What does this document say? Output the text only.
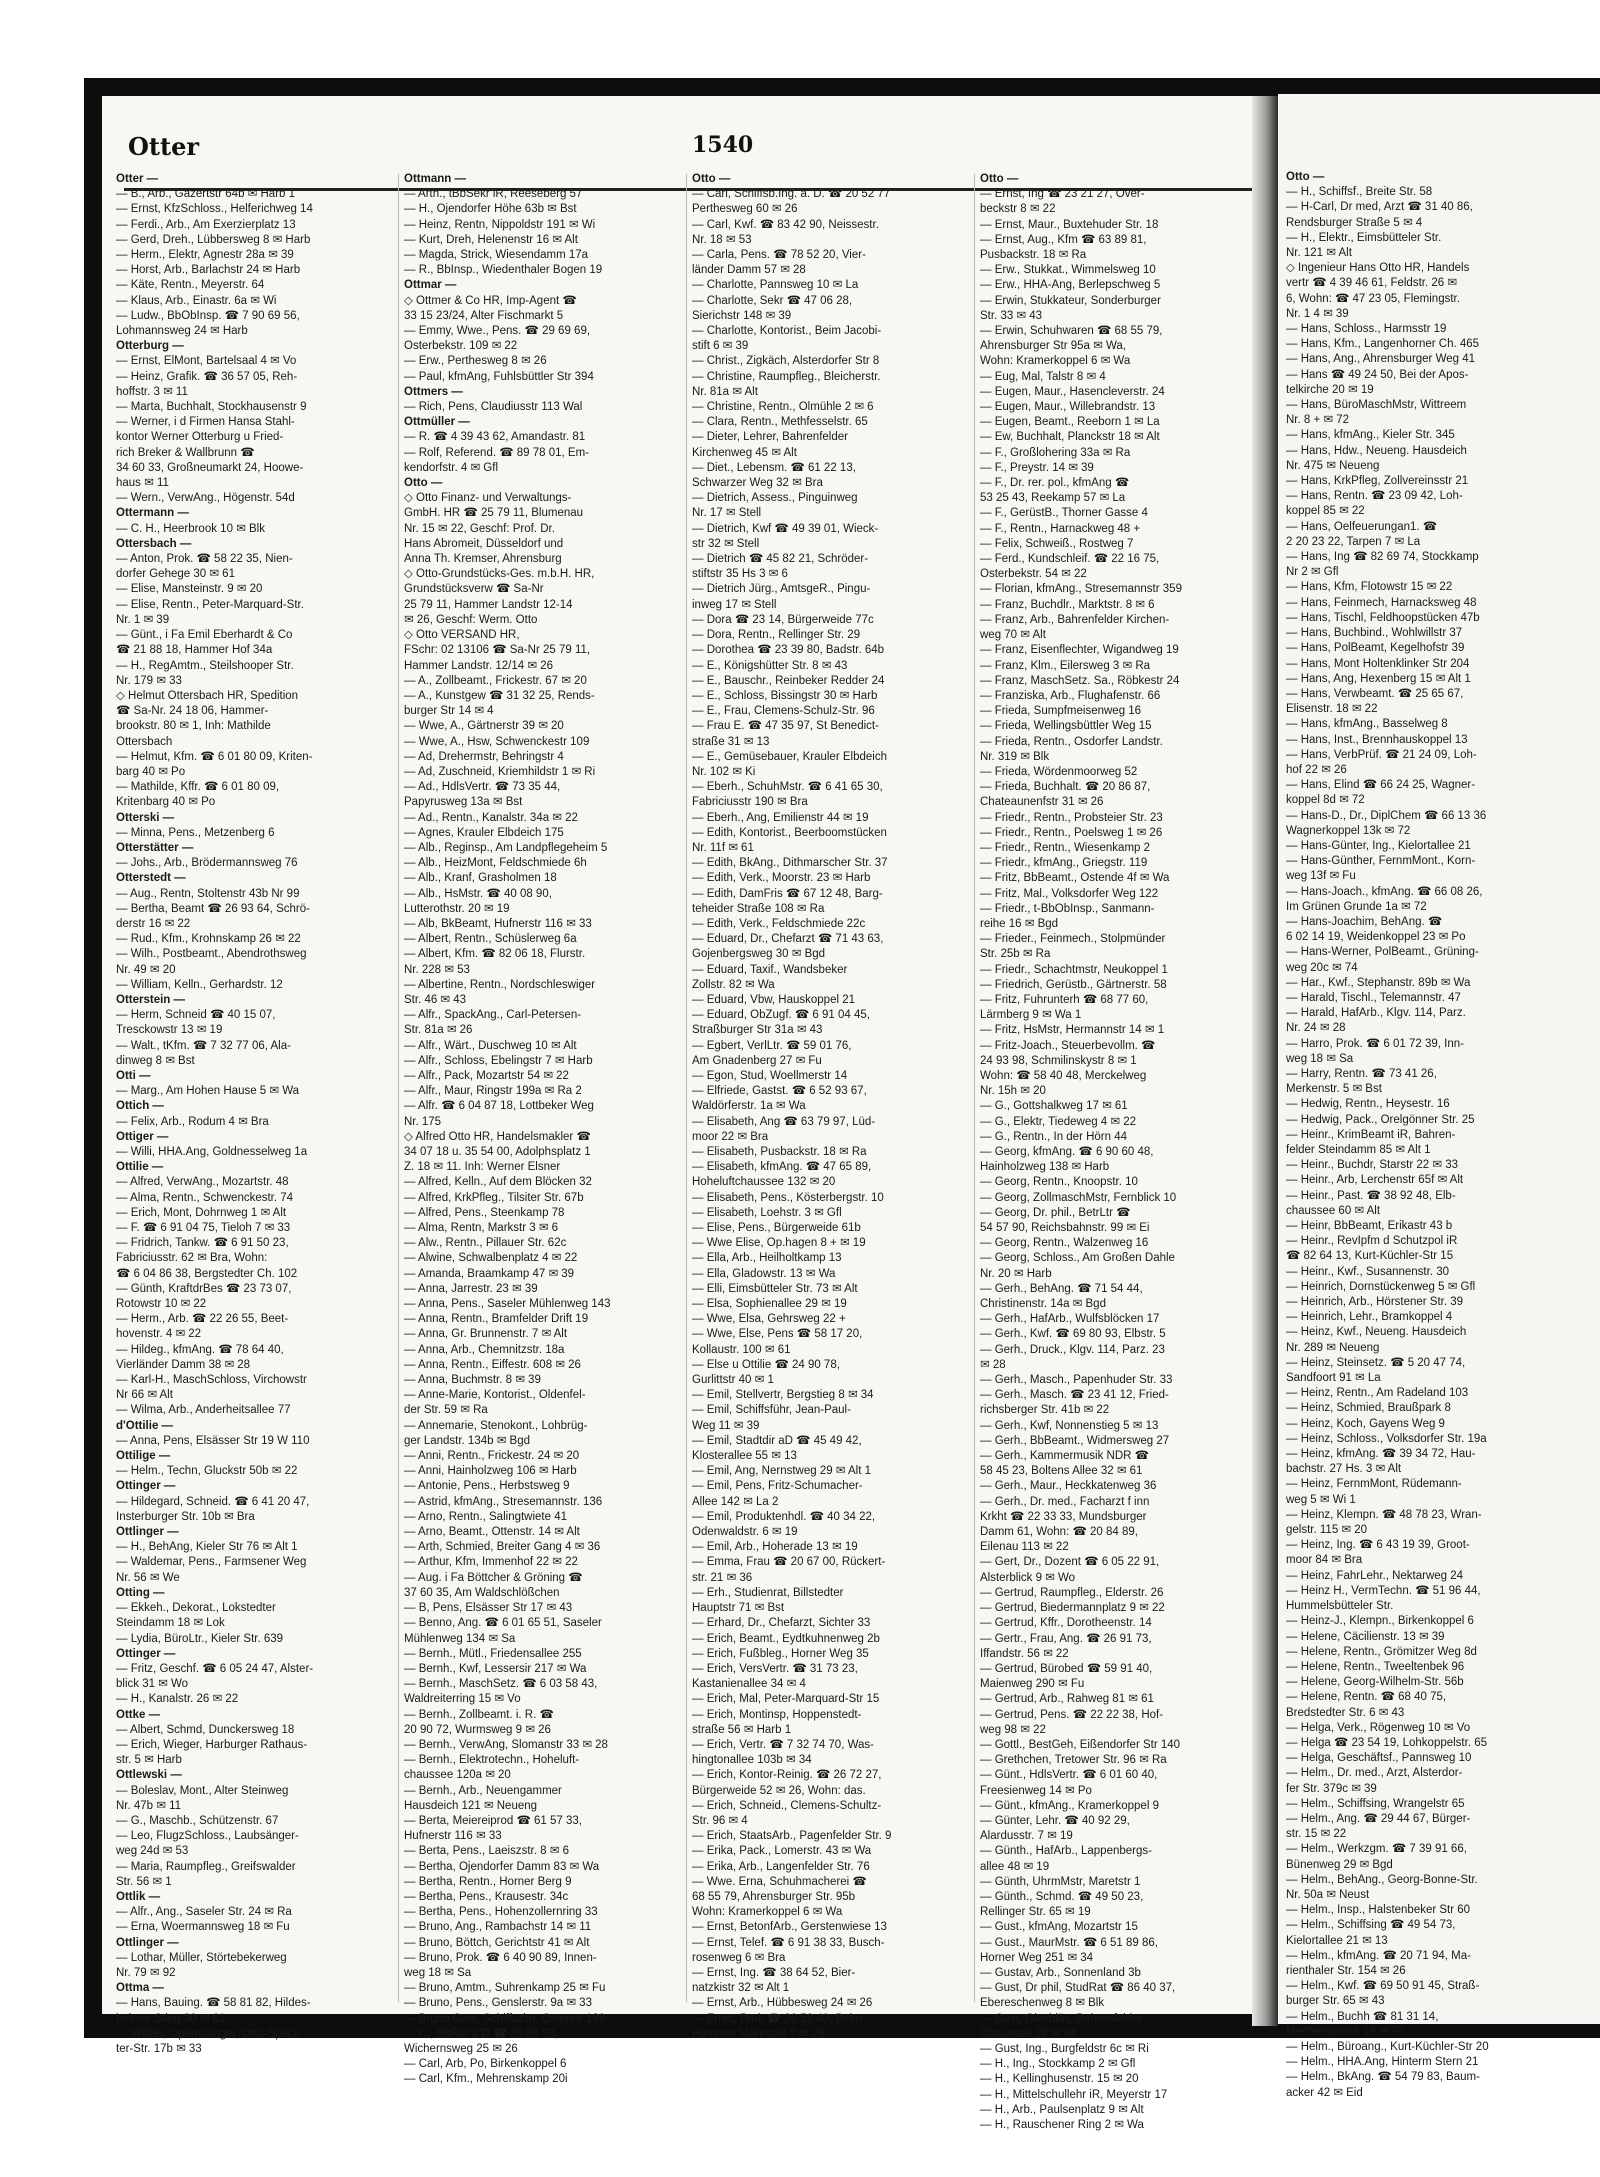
Otter	1540
Otter —
— B., Arb., Gazertstr 64b ✉ Harb 1
— Ernst, KfzSchloss., Helferichweg 14
— Ferdi., Arb., Am Exerzierplatz 13
— Gerd, Dreh., Lübbersweg 8 ✉ Harb
— Herm., Elektr, Agnestr 28a ✉ 39
— Horst, Arb., Barlachstr 24 ✉ Harb
— Käte, Rentn., Meyerstr. 64
— Klaus, Arb., Einastr. 6a ✉ Wi
— Ludw., BbObInsp. ☎ 7 90 69 56,
Lohmannsweg 24 ✉ Harb
Otterburg —
— Ernst, ElMont, Bartelsaal 4 ✉ Vo
— Heinz, Grafik. ☎ 36 57 05, Reh-
hoffstr. 3 ✉ 11
— Marta, Buchhalt, Stockhausenstr 9
— Werner, i d Firmen Hansa Stahl-
kontor Werner Otterburg u Fried-
rich Breker & Wallbrunn ☎
34 60 33, Großneumarkt 24, Hoowe-
haus ✉ 11
— Wern., VerwAng., Högenstr. 54d
Ottermann —
— C. H., Heerbrook 10 ✉ Blk
Ottersbach —
— Anton, Prok. ☎ 58 22 35, Nien-
dorfer Gehege 30 ✉ 61
— Elise, Mansteinstr. 9 ✉ 20
— Elise, Rentn., Peter-Marquard-Str.
Nr. 1 ✉ 39
— Günt., i Fa Emil Eberhardt & Co
☎ 21 88 18, Hammer Hof 34a
— H., RegAmtm., Steilshooper Str.
Nr. 179 ✉ 33
◇ Helmut Ottersbach HR, Spedition
☎ Sa-Nr. 24 18 06, Hammer-
brookstr. 80 ✉ 1, Inh: Mathilde
Ottersbach
— Helmut, Kfm. ☎ 6 01 80 09, Kriten-
barg 40 ✉ Po
— Mathilde, Kffr. ☎ 6 01 80 09,
Kritenbarg 40 ✉ Po
Otterski —
— Minna, Pens., Metzenberg 6
Otterstätter —
— Johs., Arb., Brödermannsweg 76
Otterstedt —
— Aug., Rentn, Stoltenstr 43b Nr 99
— Bertha, Beamt ☎ 26 93 64, Schrö-
derstr 16 ✉ 22
— Rud., Kfm., Krohnskamp 26 ✉ 22
— Wilh., Postbeamt., Abendrothsweg
Nr. 49 ✉ 20
— William, Kelln., Gerhardstr. 12
Otterstein —
— Herm, Schneid ☎ 40 15 07,
Tresckowstr 13 ✉ 19
— Walt., tKfm. ☎ 7 32 77 06, Ala-
dinweg 8 ✉ Bst
Otti —
— Marg., Am Hohen Hause 5 ✉ Wa
Ottich —
— Felix, Arb., Rodum 4 ✉ Bra
Ottiger —
— Willi, HHA.Ang, Goldnesselweg 1a
Ottilie —
— Alfred, VerwAng., Mozartstr. 48
— Alma, Rentn., Schwenckestr. 74
— Erich, Mont, Dohrnweg 1 ✉ Alt
— F. ☎ 6 91 04 75, Tieloh 7 ✉ 33
— Fridrich, Tankw. ☎ 6 91 50 23,
Fabriciusstr. 62 ✉ Bra, Wohn:
☎ 6 04 86 38, Bergstedter Ch. 102
— Günth, KraftdrBes ☎ 23 73 07,
Rotowstr 10 ✉ 22
— Herm., Arb. ☎ 22 26 55, Beet-
hovenstr. 4 ✉ 22
— Hildeg., kfmAng. ☎ 78 64 40,
Vierländer Damm 38 ✉ 28
— Karl-H., MaschSchloss, Virchowstr
Nr 66 ✉ Alt
— Wilma, Arb., Anderheitsallee 77
d'Ottilie —
— Anna, Pens, Elsässer Str 19 W 110
Ottilige —
— Helm., Techn, Gluckstr 50b ✉ 22
Ottinger —
— Hildegard, Schneid. ☎ 6 41 20 47,
Insterburger Str. 10b ✉ Bra
Ottlinger —
— H., BehAng, Kieler Str 76 ✉ Alt 1
— Waldemar, Pens., Farmsener Weg
Nr. 56 ✉ We
Otting —
— Ekkeh., Dekorat., Lokstedter
Steindamm 18 ✉ Lok
— Lydia, BüroLtr., Kieler Str. 639
Ottinger —
— Fritz, Geschf. ☎ 6 05 24 47, Alster-
blick 31 ✉ Wo
— H., Kanalstr. 26 ✉ 22
Ottke —
— Albert, Schmd, Dunckersweg 18
— Erich, Wieger, Harburger Rathaus-
str. 5 ✉ Harb
Ottlewski —
— Boleslav, Mont., Alter Steinweg
Nr. 47b ✉ 11
— G., Maschb., Schützenstr. 67
— Leo, FlugzSchloss., Laubsänger-
weg 24d ✉ 53
— Maria, Raumpfleg., Greifswalder
Str. 56 ✉ 1
Ottlik —
— Alfr., Ang., Saseler Str. 24 ✉ Ra
— Erna, Woermannsweg 18 ✉ Fu
Ottlinger —
— Lothar, Müller, Störtebekerweg
Nr. 79 ✉ 92
Ottma —
— Hans, Bauing. ☎ 58 81 82, Hildes-
heimer Stieg 30 ✉ 61
— Walter, Opernsänger, Otto-Speck-
ter-Str. 17b ✉ 33
Ottmann —
— Arth., tBbSekr iR, Reeseberg 57
— H., Ojendorfer Höhe 63b ✉ Bst
— Heinz, Rentn, Nippoldstr 191 ✉ Wi
— Kurt, Dreh, Helenenstr 16 ✉ Alt
— Magda, Strick, Wiesendamm 17a
— R., BbInsp., Wiedenthaler Bogen 19
Ottmar —
◇ Ottmer & Co HR, Imp-Agent ☎
33 15 23/24, Alter Fischmarkt 5
— Emmy, Wwe., Pens. ☎ 29 69 69,
Osterbekstr. 109 ✉ 22
— Erw., Perthesweg 8 ✉ 26
— Paul, kfmAng, Fuhlsbüttler Str 394
Ottmers —
— Rich, Pens, Claudiusstr 113 Wal
Ottmüller —
— R. ☎ 4 39 43 62, Amandastr. 81
— Rolf, Referend. ☎ 89 78 01, Em-
kendorfstr. 4 ✉ Gfl
Otto —
◇ Otto Finanz- und Verwaltungs-
GmbH. HR ☎ 25 79 11, Blumenau
Nr. 15 ✉ 22, Geschf: Prof. Dr.
Hans Abromeit, Düsseldorf und
Anna Th. Kremser, Ahrensburg
◇ Otto-Grundstücks-Ges. m.b.H. HR,
Grundstücksverw ☎ Sa-Nr
25 79 11, Hammer Landstr 12-14
✉ 26, Geschf: Werm. Otto
◇ Otto VERSAND HR,
FSchr: 02 13106 ☎ Sa-Nr 25 79 11,
Hammer Landstr. 12/14 ✉ 26
— A., Zollbeamt., Frickestr. 67 ✉ 20
— A., Kunstgew ☎ 31 32 25, Rends-
burger Str 14 ✉ 4
— Wwe, A., Gärtnerstr 39 ✉ 20
— Wwe, A., Hsw, Schwenckestr 109
— Ad, Drehermstr, Behringstr 4
— Ad, Zuschneid, Kriemhildstr 1 ✉ Ri
— Ad., HdlsVertr. ☎ 73 35 44,
Papyrusweg 13a ✉ Bst
— Ad., Rentn., Kanalstr. 34a ✉ 22
— Agnes, Krauler Elbdeich 175
— Alb., Reginsp., Am Landpflegeheim 5
— Alb., HeizMont, Feldschmiede 6h
— Alb., Kranf, Grasholmen 18
— Alb., HsMstr. ☎ 40 08 90,
Lutterothstr. 20 ✉ 19
— Alb, BkBeamt, Hufnerstr 116 ✉ 33
— Albert, Rentn., Schüslerweg 6a
— Albert, Kfm. ☎ 82 06 18, Flurstr.
Nr. 228 ✉ 53
— Albertine, Rentn., Nordschleswiger
Str. 46 ✉ 43
— Alfr., SpackAng., Carl-Petersen-
Str. 81a ✉ 26
— Alfr., Wärt., Duschweg 10 ✉ Alt
— Alfr., Schloss, Ebelingstr 7 ✉ Harb
— Alfr., Pack, Mozartstr 54 ✉ 22
— Alfr., Maur, Ringstr 199a ✉ Ra 2
— Alfr. ☎ 6 04 87 18, Lottbeker Weg
Nr. 175
◇ Alfred Otto HR, Handelsmakler ☎
34 07 18 u. 35 54 00, Adolphsplatz 1
Z. 18 ✉ 11. Inh: Werner Elsner
— Alfred, Kelln., Auf dem Blöcken 32
— Alfred, KrkPfleg., Tilsiter Str. 67b
— Alfred, Pens., Steenkamp 78
— Alma, Rentn, Markstr 3 ✉ 6
— Alw., Rentn., Pillauer Str. 62c
— Alwine, Schwalbenplatz 4 ✉ 22
— Amanda, Braamkamp 47 ✉ 39
— Anna, Jarrestr. 23 ✉ 39
— Anna, Pens., Saseler Mühlenweg 143
— Anna, Rentn., Bramfelder Drift 19
— Anna, Gr. Brunnenstr. 7 ✉ Alt
— Anna, Arb., Chemnitzstr. 18a
— Anna, Rentn., Eiffestr. 608 ✉ 26
— Anna, Buchmstr. 8 ✉ 39
— Anne-Marie, Kontorist., Oldenfel-
der Str. 59 ✉ Ra
— Annemarie, Stenokont., Lohbrüg-
ger Landstr. 134b ✉ Bgd
— Anni, Rentn., Frickestr. 24 ✉ 20
— Anni, Hainholzweg 106 ✉ Harb
— Antonie, Pens., Herbstsweg 9
— Astrid, kfmAng., Stresemannstr. 136
— Arno, Rentn., Salingtwiete 41
— Arno, Beamt., Ottenstr. 14 ✉ Alt
— Arth, Schmied, Breiter Gang 4 ✉ 36
— Arthur, Kfm, Immenhof 22 ✉ 22
— Aug. i Fa Böttcher & Gröning ☎
37 60 35, Am Waldschlößchen
— B, Pens, Elsässer Str 17 ✉ 43
— Benno, Ang. ☎ 6 01 65 51, Saseler
Mühlenweg 134 ✉ Sa
— Bernh., Mütl., Friedensallee 255
— Bernh., Kwf, Lessersir 217 ✉ Wa
— Bernh., MaschSetz. ☎ 6 03 58 43,
Waldreiterring 15 ✉ Vo
— Bernh., Zollbeamt. i. R. ☎
20 90 72, Wurmsweg 9 ✉ 26
— Bernh., VerwAng, Slomanstr 33 ✉ 28
— Bernh., Elektrotechn., Hoheluft-
chaussee 120a ✉ 20
— Bernh., Arb., Neuengammer
Hausdeich 121 ✉ Neueng
— Berta, Meiereiprod ☎ 61 57 33,
Hufnerstr 116 ✉ 33
— Berta, Pens., Laeiszstr. 8 ✉ 6
— Bertha, Ojendorfer Damm 83 ✉ Wa
— Bertha, Rentn., Horner Berg 9
— Bertha, Pens., Krausestr. 34c
— Bertha, Pens., Hohenzollernring 33
— Bruno, Ang., Rambachstr 14 ✉ 11
— Bruno, Böttch, Gerichtstr 41 ✉ Alt
— Bruno, Prok. ☎ 6 40 90 89, Innen-
weg 18 ✉ Sa
— Bruno, Amtm., Suhrenkamp 25 ✉ Fu
— Bruno, Pens., Genslerstr. 9a ✉ 33
— Bruno Gust, Schiffszim, Osterstr 189
— C., BbRat a D ☎ 26 88 93,
Wichernsweg 25 ✉ 26
— Carl, Arb, Po, Birkenkoppel 6
— Carl, Kfm., Mehrenskamp 20i
Otto —
— Carl, Schiffsb.Ing. a. D. ☎ 20 52 77
Perthesweg 60 ✉ 26
— Carl, Kwf. ☎ 83 42 90, Neissestr.
Nr. 18 ✉ 53
— Carla, Pens. ☎ 78 52 20, Vier-
länder Damm 57 ✉ 28
— Charlotte, Pannsweg 10 ✉ La
— Charlotte, Sekr ☎ 47 06 28,
Sierichstr 148 ✉ 39
— Charlotte, Kontorist., Beim Jacobi-
stift 6 ✉ 39
— Christ., Zigkäch, Alsterdorfer Str 8
— Christine, Raumpfleg., Bleicherstr.
Nr. 81a ✉ Alt
— Christine, Rentn., Olmühle 2 ✉ 6
— Clara, Rentn., Methfesselstr. 65
— Dieter, Lehrer, Bahrenfelder
Kirchenweg 45 ✉ Alt
— Diet., Lebensm. ☎ 61 22 13,
Schwarzer Weg 32 ✉ Bra
— Dietrich, Assess., Pinguinweg
Nr. 17 ✉ Stell
— Dietrich, Kwf ☎ 49 39 01, Wieck-
str 32 ✉ Stell
— Dietrich ☎ 45 82 21, Schröder-
stiftstr 35 Hs 3 ✉ 6
— Dietrich Jürg., AmtsgeR., Pingu-
inweg 17 ✉ Stell
— Dora ☎ 23 14, Bürgerweide 77c
— Dora, Rentn., Rellinger Str. 29
— Dorothea ☎ 23 39 80, Badstr. 64b
— E., Königshütter Str. 8 ✉ 43
— E., Bauschr., Reinbeker Redder 24
— E., Schloss, Bissingstr 30 ✉ Harb
— E., Frau, Clemens-Schulz-Str. 96
— Frau E. ☎ 47 35 97, St Benedict-
straße 31 ✉ 13
— E., Gemüsebauer, Krauler Elbdeich
Nr. 102 ✉ Ki
— Eberh., SchuhMstr. ☎ 6 41 65 30,
Fabriciusstr 190 ✉ Bra
— Eberh., Ang, Emilienstr 44 ✉ 19
— Edith, Kontorist., Beerboomstücken
Nr. 11f ✉ 61
— Edith, BkAng., Dithmarscher Str. 37
— Edith, Verk., Moorstr. 23 ✉ Harb
— Edith, DamFris ☎ 67 12 48, Barg-
teheider Straße 108 ✉ Ra
— Edith, Verk., Feldschmiede 22c
— Eduard, Dr., Chefarzt ☎ 71 43 63,
Gojenbergsweg 30 ✉ Bgd
— Eduard, Taxif., Wandsbeker
Zollstr. 82 ✉ Wa
— Eduard, Vbw, Hauskoppel 21
— Eduard, ObZugf. ☎ 6 91 04 45,
Straßburger Str 31a ✉ 43
— Egbert, VerlLtr. ☎ 59 01 76,
Am Gnadenberg 27 ✉ Fu
— Egon, Stud, Woellmerstr 14
— Elfriede, Gastst. ☎ 6 52 93 67,
Waldörferstr. 1a ✉ Wa
— Elisabeth, Ang ☎ 63 79 97, Lüd-
moor 22 ✉ Bra
— Elisabeth, Pusbackstr. 18 ✉ Ra
— Elisabeth, kfmAng. ☎ 47 65 89,
Hoheluftchaussee 132 ✉ 20
— Elisabeth, Pens., Kösterbergstr. 10
— Elisabeth, Loehstr. 3 ✉ Gfl
— Elise, Pens., Bürgerweide 61b
— Wwe Elise, Op.hagen 8 + ✉ 19
— Ella, Arb., Heilholtkamp 13
— Ella, Gladowstr. 13 ✉ Wa
— Elli, Eimsbütteler Str. 73 ✉ Alt
— Elsa, Sophienallee 29 ✉ 19
— Wwe, Elsa, Gehrsweg 22 +
— Wwe, Else, Pens ☎ 58 17 20,
Kollaustr. 100 ✉ 61
— Else u Ottilie ☎ 24 90 78,
Gurlittstr 40 ✉ 1
— Emil, Stellvertr, Bergstieg 8 ✉ 34
— Emil, Schiffsführ, Jean-Paul-
Weg 11 ✉ 39
— Emil, Stadtdir aD ☎ 45 49 42,
Klosterallee 55 ✉ 13
— Emil, Ang, Nernstweg 29 ✉ Alt 1
— Emil, Pens, Fritz-Schumacher-
Allee 142 ✉ La 2
— Emil, Produktenhdl. ☎ 40 34 22,
Odenwaldstr. 6 ✉ 19
— Emil, Arb., Hoherade 13 ✉ 19
— Emma, Frau ☎ 20 67 00, Rückert-
str. 21 ✉ 36
— Erh., Studienrat, Billstedter
Hauptstr 71 ✉ Bst
— Erhard, Dr., Chefarzt, Sichter 33
— Erich, Beamt., Eydtkuhnenweg 2b
— Erich, Fußbleg., Horner Weg 35
— Erich, VersVertr. ☎ 31 73 23,
Kastanienallee 34 ✉ 4
— Erich, Mal, Peter-Marquard-Str 15
— Erich, Montinsp, Hoppenstedt-
straße 56 ✉ Harb 1
— Erich, Vertr. ☎ 7 32 74 70, Was-
hingtonallee 103b ✉ 34
— Erich, Kontor-Reinig. ☎ 26 72 27,
Bürgerweide 52 ✉ 26, Wohn: das.
— Erich, Schneid., Clemens-Schultz-
Str. 96 ✉ 4
— Erich, StaatsArb., Pagenfelder Str. 9
— Erika, Pack., Lomerstr. 43 ✉ Wa
— Erika, Arb., Langenfelder Str. 76
— Wwe. Erna, Schuhmacherei ☎
68 55 79, Ahrensburger Str. 95b
Wohn: Kramerkoppel 6 ✉ Wa
— Ernst, BetonfArb., Gerstenwiese 13
— Ernst, Telef. ☎ 6 91 38 33, Busch-
rosenweg 6 ✉ Bra
— Ernst, Ing. ☎ 38 64 52, Bier-
natzkistr 32 ✉ Alt 1
— Ernst, Arb., Hübbesweg 24 ✉ 26
— Ernst, Prok ☎ 26 52 40, Beim
Hammer Mahrstall 7 ✉ 26
Otto —
— Ernst, Ing ☎ 23 21 27, Over-
beckstr 8 ✉ 22
— Ernst, Maur., Buxtehuder Str. 18
— Ernst, Aug., Kfm ☎ 63 89 81,
Pusbackstr. 18 ✉ Ra
— Erw., Stukkat., Wimmelsweg 10
— Erw., HHA-Ang, Berlepschweg 5
— Erwin, Stukkateur, Sonderburger
Str. 33 ✉ 43
— Erwin, Schuhwaren ☎ 68 55 79,
Ahrensburger Str 95a ✉ Wa,
Wohn: Kramerkoppel 6 ✉ Wa
— Eug, Mal, Talstr 8 ✉ 4
— Eugen, Maur., Hasencleverstr. 24
— Eugen, Maur., Willebrandstr. 13
— Eugen, Beamt., Reeborn 1 ✉ La
— Ew, Buchhalt, Planckstr 18 ✉ Alt
— F., Großlohering 33a ✉ Ra
— F., Preystr. 14 ✉ 39
— F., Dr. rer. pol., kfmAng ☎
53 25 43, Reekamp 57 ✉ La
— F., GerüstB., Thorner Gasse 4
— F., Rentn., Harnackweg 48 +
— Felix, Schweiß., Rostweg 7
— Ferd., Kundschleif. ☎ 22 16 75,
Osterbekstr. 54 ✉ 22
— Florian, kfmAng., Stresemannstr 359
— Franz, Buchdlr., Marktstr. 8 ✉ 6
— Franz, Arb., Bahrenfelder Kirchen-
weg 70 ✉ Alt
— Franz, Eisenflechter, Wigandweg 19
— Franz, Klm., Eilersweg 3 ✉ Ra
— Franz, MaschSetz. Sa., Röbkestr 24
— Franziska, Arb., Flughafenstr. 66
— Frieda, Sumpfmeisenweg 16
— Frieda, Wellingsbüttler Weg 15
— Frieda, Rentn., Osdorfer Landstr.
Nr. 319 ✉ Blk
— Frieda, Wördenmoorweg 52
— Frieda, Buchhalt. ☎ 20 86 87,
Chateaunenfstr 31 ✉ 26
— Friedr., Rentn., Probsteier Str. 23
— Friedr., Rentn., Poelsweg 1 ✉ 26
— Friedr., Rentn., Wiesenkamp 2
— Friedr., kfmAng., Griegstr. 119
— Fritz, BbBeamt., Ostende 4f ✉ Wa
— Fritz, Mal., Volksdorfer Weg 122
— Friedr., t-BbObInsp., Sanmann-
reihe 16 ✉ Bgd
— Frieder., Feinmech., Stolpmünder
Str. 25b ✉ Ra
— Friedr., Schachtmstr, Neukoppel 1
— Friedrich, Gerüstb., Gärtnerstr. 58
— Fritz, Fuhrunterh ☎ 68 77 60,
Lärmberg 9 ✉ Wa 1
— Fritz, HsMstr, Hermannstr 14 ✉ 1
— Fritz-Joach., Steuerbevollm. ☎
24 93 98, Schmilinskystr 8 ✉ 1
Wohn: ☎ 58 40 48, Merckelweg
Nr. 15h ✉ 20
— G., Gottshalkweg 17 ✉ 61
— G., Elektr, Tiedeweg 4 ✉ 22
— G., Rentn., In der Hörn 44
— Georg, kfmAng. ☎ 6 90 60 48,
Hainholzweg 138 ✉ Harb
— Georg, Rentn., Knoopstr. 10
— Georg, ZollmaschMstr, Fernblick 10
— Georg, Dr. phil., BetrLtr ☎
54 57 90, Reichsbahnstr. 99 ✉ Ei
— Georg, Rentn., Walzenweg 16
— Georg, Schloss., Am Großen Dahle
Nr. 20 ✉ Harb
— Gerh., BehAng. ☎ 71 54 44,
Christinenstr. 14a ✉ Bgd
— Gerh., HafArb., Wulfsblöcken 17
— Gerh., Kwf. ☎ 69 80 93, Elbstr. 5
— Gerh., Druck., Klgv. 114, Parz. 23
✉ 28
— Gerh., Masch., Papenhuder Str. 33
— Gerh., Masch. ☎ 23 41 12, Fried-
richsberger Str. 41b ✉ 22
— Gerh., Kwf, Nonnenstieg 5 ✉ 13
— Gerh., BbBeamt., Widmersweg 27
— Gerh., Kammermusik NDR ☎
58 45 23, Boltens Allee 32 ✉ 61
— Gerh., Maur., Heckkatenweg 36
— Gerh., Dr. med., Facharzt f inn
Krkht ☎ 22 33 33, Mundsburger
Damm 61, Wohn: ☎ 20 84 89,
Eilenau 113 ✉ 22
— Gert, Dr., Dozent ☎ 6 05 22 91,
Alsterblick 9 ✉ Wo
— Gertrud, Raumpfleg., Elderstr. 26
— Gertrud, Biedermannplatz 9 ✉ 22
— Gertrud, Kffr., Dorotheenstr. 14
— Gertr., Frau, Ang. ☎ 26 91 73,
Iffandstr. 56 ✉ 22
— Gertrud, Bürobed ☎ 59 91 40,
Maienweg 290 ✉ Fu
— Gertrud, Arb., Rahweg 81 ✉ 61
— Gertrud, Pens. ☎ 22 22 38, Hof-
weg 98 ✉ 22
— Gottl., BestGeh, Eißendorfer Str 140
— Grethchen, Tretower Str. 96 ✉ Ra
— Günt., HdlsVertr. ☎ 6 01 60 40,
Freesienweg 14 ✉ Po
— Günt., kfmAng., Kramerkoppel 9
— Günter, Lehr. ☎ 40 92 29,
Alardusstr. 7 ✉ 19
— Günth., HafArb., Lappenbergs-
allee 48 ✉ 19
— Günth, UhrmMstr, Maretstr 1
— Günth., Schmd. ☎ 49 50 23,
Rellinger Str. 65 ✉ 19
— Gust., kfmAng, Mozartstr 15
— Gust., MaurMstr. ☎ 6 51 89 86,
Horner Weg 251 ✉ 34
— Gustav, Arb., Sonnenland 3b
— Gust, Dr phil, StudRat ☎ 86 40 37,
Ebereschenweg 8 ✉ Blk
— Gust, Glasbläs, Bahrenfelder
Chaussee 28 ✉ Alt
— Gust, Ing., Burgfeldstr 6c ✉ Ri
— H., Ing., Stockkamp 2 ✉ Gfl
— H., Kellinghusenstr. 15 ✉ 20
— H., Mittelschullehr iR, Meyerstr 17
— H., Arb., Paulsenplatz 9 ✉ Alt
— H., Rauschener Ring 2 ✉ Wa
Otto —
— H., Schiffsf., Breite Str. 58
— H-Carl, Dr med, Arzt ☎ 31 40 86,
Rendsburger Straße 5 ✉ 4
— H., Elektr., Eimsbütteler Str.
Nr. 121 ✉ Alt
◇ Ingenieur Hans Otto HR, Handels
vertr ☎ 4 39 46 61, Feldstr. 26 ✉
6, Wohn: ☎ 47 23 05, Flemingstr.
Nr. 1 4 ✉ 39
— Hans, Schloss., Harmsstr 19
— Hans, Kfm., Langenhorner Ch. 465
— Hans, Ang., Ahrensburger Weg 41
— Hans ☎ 49 24 50, Bei der Apos-
telkirche 20 ✉ 19
— Hans, BüroMaschMstr, Wittreem
Nr. 8 + ✉ 72
— Hans, kfmAng., Kieler Str. 345
— Hans, Hdw., Neueng. Hausdeich
Nr. 475 ✉ Neueng
— Hans, KrkPfleg, Zollvereinsstr 21
— Hans, Rentn. ☎ 23 09 42, Loh-
koppel 85 ✉ 22
— Hans, Oelfeuerungan1. ☎
2 20 23 22, Tarpen 7 ✉ La
— Hans, Ing ☎ 82 69 74, Stockkamp
Nr 2 ✉ Gfl
— Hans, Kfm, Flotowstr 15 ✉ 22
— Hans, Feinmech, Harnacksweg 48
— Hans, Tischl, Feldhoopstücken 47b
— Hans, Buchbind., Wohlwillstr 37
— Hans, PolBeamt, Kegelhofstr 39
— Hans, Mont Holtenklinker Str 204
— Hans, Ang, Hexenberg 15 ✉ Alt 1
— Hans, Verwbeamt. ☎ 25 65 67,
Elisenstr. 18 ✉ 22
— Hans, kfmAng., Basselweg 8
— Hans, Inst., Brennhauskoppel 13
— Hans, VerbPrüf. ☎ 21 24 09, Loh-
hof 22 ✉ 26
— Hans, Elind ☎ 66 24 25, Wagner-
koppel 8d ✉ 72
— Hans-D., Dr., DiplChem ☎ 66 13 36
Wagnerkoppel 13k ✉ 72
— Hans-Günter, Ing., Kielortallee 21
— Hans-Günther, FernmMont., Korn-
weg 13f ✉ Fu
— Hans-Joach., kfmAng. ☎ 66 08 26,
Im Grünen Grunde 1a ✉ 72
— Hans-Joachim, BehAng. ☎
6 02 14 19, Weidenkoppel 23 ✉ Po
— Hans-Werner, PolBeamt., Grüning-
weg 20c ✉ 74
— Har., Kwf., Stephanstr. 89b ✉ Wa
— Harald, Tischl., Telemannstr. 47
— Harald, HafArb., Klgv. 114, Parz.
Nr. 24 ✉ 28
— Harro, Prok. ☎ 6 01 72 39, Inn-
weg 18 ✉ Sa
— Harry, Rentn. ☎ 73 41 26,
Merkenstr. 5 ✉ Bst
— Hedwig, Rentn., Heysestr. 16
— Hedwig, Pack., Orelgönner Str. 25
— Heinr., KrimBeamt iR, Bahren-
felder Steindamm 85 ✉ Alt 1
— Heinr., Buchdr, Starstr 22 ✉ 33
— Heinr., Arb, Lerchenstr 65f ✉ Alt
— Heinr., Past. ☎ 38 92 48, Elb-
chaussee 60 ✉ Alt
— Heinr, BbBeamt, Erikastr 43 b
— Heinr., RevIpfm d Schutzpol iR
☎ 82 64 13, Kurt-Küchler-Str 15
— Heinr., Kwf., Susannenstr. 30
— Heinrich, Dornstückenweg 5 ✉ Gfl
— Heinrich, Arb., Hörstener Str. 39
— Heinrich, Lehr., Bramkoppel 4
— Heinz, Kwf., Neueng. Hausdeich
Nr. 289 ✉ Neueng
— Heinz, Steinsetz. ☎ 5 20 47 74,
Sandfoort 91 ✉ La
— Heinz, Rentn., Am Radeland 103
— Heinz, Schmied, Braußpark 8
— Heinz, Koch, Gayens Weg 9
— Heinz, Schloss., Volksdorfer Str. 19a
— Heinz, kfmAng. ☎ 39 34 72, Hau-
bachstr. 27 Hs. 3 ✉ Alt
— Heinz, FernmMont, Rüdemann-
weg 5 ✉ Wi 1
— Heinz, Klempn. ☎ 48 78 23, Wran-
gelstr. 115 ✉ 20
— Heinz, Ing. ☎ 6 43 19 39, Groot-
moor 84 ✉ Bra
— Heinz, FahrLehr., Nektarweg 24
— Heinz H., VermTechn. ☎ 51 96 44,
Hummelsbütteler Str.
— Heinz-J., Klempn., Birkenkoppel 6
— Helene, Cäcilienstr. 13 ✉ 39
— Helene, Rentn., Grömitzer Weg 8d
— Helene, Rentn., Tweeltenbek 96
— Helene, Georg-Wilhelm-Str. 56b
— Helene, Rentn. ☎ 68 40 75,
Bredstedter Str. 6 ✉ 43
— Helga, Verk., Rögenweg 10 ✉ Vo
— Helga ☎ 23 54 19, Lohkoppelstr. 65
— Helga, Geschäftsf., Pannsweg 10
— Helm., Dr. med., Arzt, Alsterdor-
fer Str. 379c ✉ 39
— Helm., Schiffsing, Wrangelstr 65
— Helm., Ang. ☎ 29 44 67, Bürger-
str. 15 ✉ 22
— Helm., Werkzgm. ☎ 7 39 91 66,
Bünenweg 29 ✉ Bgd
— Helm., BehAng., Georg-Bonne-Str.
Nr. 50a ✉ Neust
— Helm., Insp., Halstenbeker Str 60
— Helm., Schiffsing ☎ 49 54 73,
Kielortallee 21 ✉ 13
— Helm., kfmAng. ☎ 20 71 94, Ma-
rienthaler Str. 154 ✉ 26
— Helm., Kwf. ☎ 69 50 91 45, Straß-
burger Str. 65 ✉ 43
— Helm., Buchh ☎ 81 31 14,
Mechelnbusch 19 ✉ Ri
— Helm., Büroang., Kurt-Küchler-Str 20
— Helm., HHA.Ang, Hinterm Stern 21
— Helm., BkAng. ☎ 54 79 83, Baum-
acker 42 ✉ Eid
